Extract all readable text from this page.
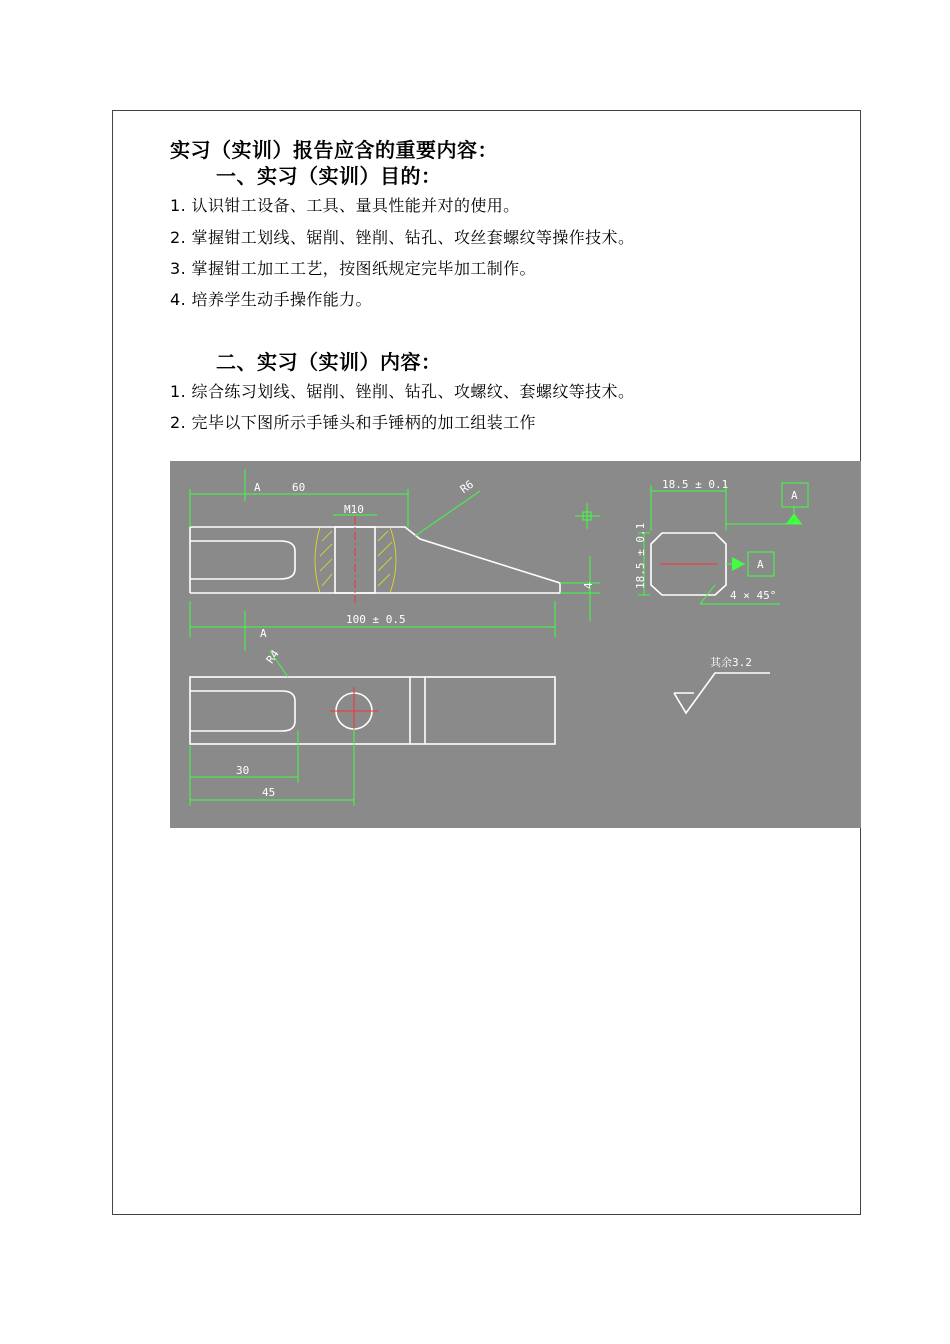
实习（实训）报告应含的重要内容：
一、实习（实训）目的：
1. 认识钳工设备、工具、量具性能并对的使用。
2. 掌握钳工划线、锯削、锉削、钻孔、攻丝套螺纹等操作技术。
3. 掌握钳工加工工艺，按图纸规定完毕加工制作。
4. 培养学生动手操作能力。
二、实习（实训）内容：
1. 综合练习划线、锯削、锉削、钻孔、攻螺纹、套螺纹等技术。
2. 完毕以下图所示手锤头和手锤柄的加工组装工作
60
M10
R6
100 ± 0.5
4
A
A
18.5 ± 0.1
18.5 ± 0.1
4 × 45°
A
A
R4
30
45
其余3.2
